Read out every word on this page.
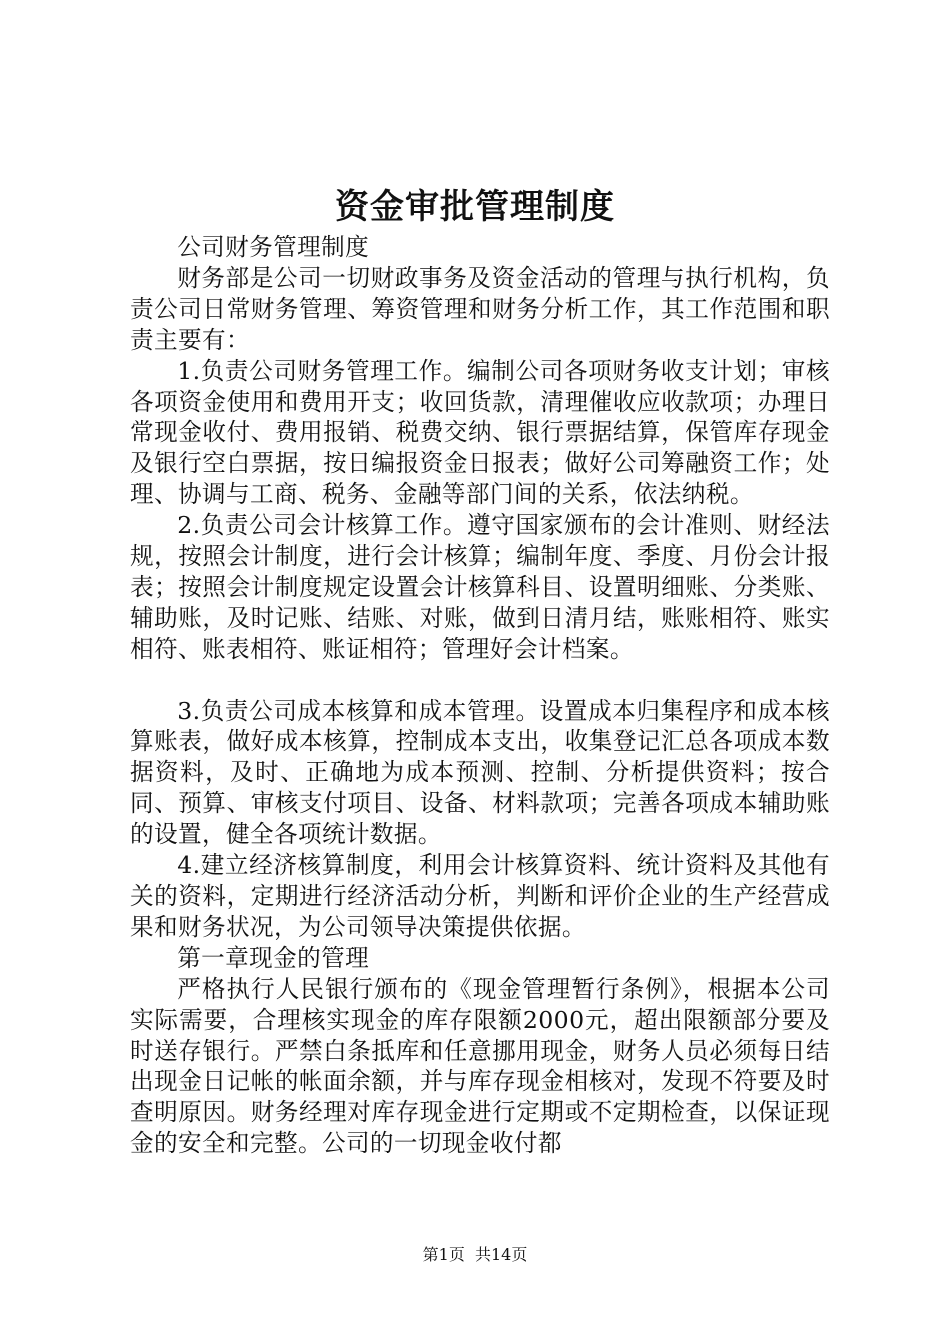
资金审批管理制度

公司财务管理制度

财务部是公司一切财政事务及资金活动的管理与执行机构，负责公司日常财务管理、筹资管理和财务分析工作，其工作范围和职责主要有：

1.负责公司财务管理工作。编制公司各项财务收支计划；审核各项资金使用和费用开支；收回货款，清理催收应收款项；办理日常现金收付、费用报销、税费交纳、银行票据结算，保管库存现金及银行空白票据，按日编报资金日报表；做好公司筹融资工作；处理、协调与工商、税务、金融等部门间的关系，依法纳税。

2.负责公司会计核算工作。遵守国家颁布的会计准则、财经法规，按照会计制度，进行会计核算；编制年度、季度、月份会计报表；按照会计制度规定设置会计核算科目、设置明细账、分类账、辅助账，及时记账、结账、对账，做到日清月结，账账相符、账实相符、账表相符、账证相符；管理好会计档案。

3.负责公司成本核算和成本管理。设置成本归集程序和成本核算账表，做好成本核算，控制成本支出，收集登记汇总各项成本数据资料，及时、正确地为成本预测、控制、分析提供资料；按合同、预算、审核支付项目、设备、材料款项；完善各项成本辅助账的设置，健全各项统计数据。

4.建立经济核算制度，利用会计核算资料、统计资料及其他有关的资料，定期进行经济活动分析，判断和评价企业的生产经营成果和财务状况，为公司领导决策提供依据。

第一章现金的管理

严格执行人民银行颁布的《现金管理暂行条例》，根据本公司实际需要，合理核实现金的库存限额2000元，超出限额部分要及时送存银行。严禁白条抵库和任意挪用现金，财务人员必须每日结出现金日记帐的帐面余额，并与库存现金相核对，发现不符要及时查明原因。财务经理对库存现金进行定期或不定期检查，以保证现金的安全和完整。公司的一切现金收付都

第1页  共14页
